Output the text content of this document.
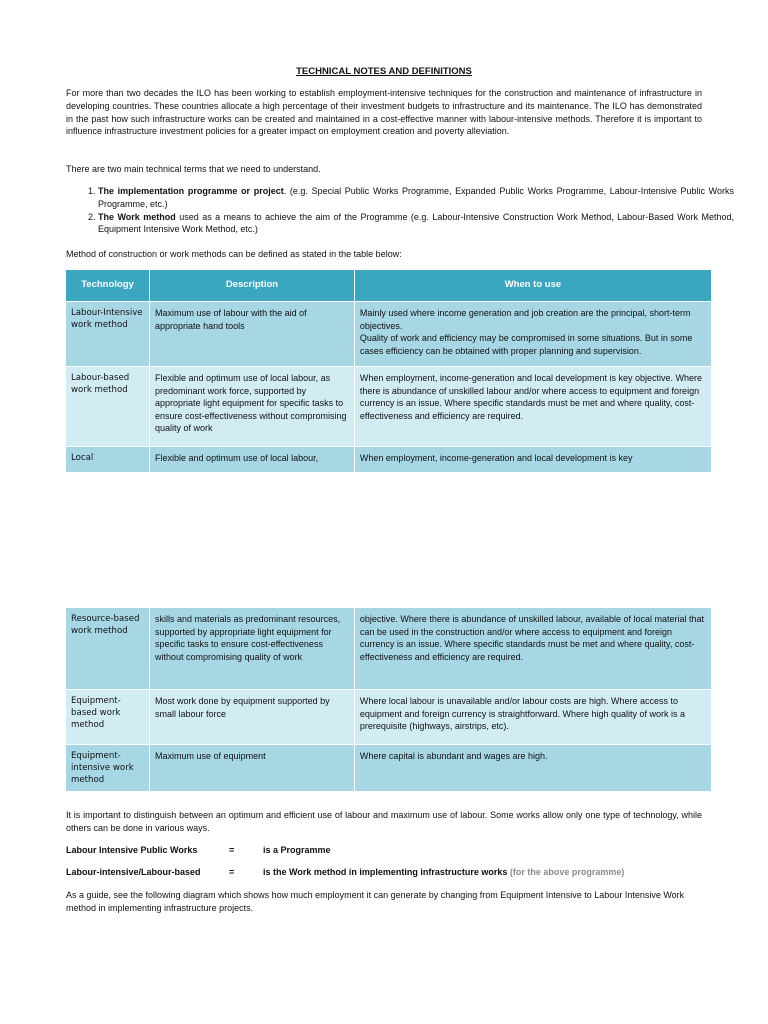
TECHNICAL NOTES AND DEFINITIONS

For more than two decades the ILO has been working to establish employment-intensive techniques for the construction and maintenance of infrastructure in developing countries. These countries allocate a high percentage of their investment budgets to infrastructure and its maintenance. The ILO has demonstrated in the past how such infrastructure works can be created and maintained in a cost-effective manner with labour-intensive methods. Therefore it is important to influence infrastructure investment policies for a greater impact on employment creation and poverty alleviation.

There are two main technical terms that we need to understand.

1. The implementation programme or project. (e.g. Special Public Works Programme, Expanded Public Works Programme, Labour-Intensive Public Works Programme, etc.)
2. The Work method used as a means to achieve the aim of the Programme (e.g. Labour-Intensive Construction Work Method, Labour-Based Work Method, Equipment Intensive Work Method, etc.)

Method of construction or work methods can be defined as stated in the table below:

Technology	Description	When to use
Labour-Intensive work method	Maximum use of labour with the aid of appropriate hand tools	Mainly used where income generation and job creation are the principal, short-term objectives.
Quality of work and efficiency may be compromised in some situations. But in some cases efficiency can be obtained with proper planning and supervision.
Labour-based work method	Flexible and optimum use of local labour, as predominant work force, supported by appropriate light equipment for specific tasks to ensure cost-effectiveness without compromising quality of work	When employment, income-generation and local development is key objective. Where there is abundance of unskilled labour and/or where access to equipment and foreign currency is an issue. Where specific standards must be met and where quality, cost-effectiveness and efficiency are required.
Local	Flexible and optimum use of local labour,	When employment, income-generation and local development is key
Resource-based work method	skills and materials as predominant resources, supported by appropriate light equipment for specific tasks to ensure cost-effectiveness without compromising quality of work	objective. Where there is abundance of unskilled labour, available of local material that can be used in the construction and/or where access to equipment and foreign currency is an issue. Where specific standards must be met and where quality, cost-effectiveness and efficiency are required.
Equipment-based work method	Most work done by equipment supported by small labour force	Where local labour is unavailable and/or labour costs are high. Where access to equipment and foreign currency is straightforward. Where high quality of work is a prerequisite (highways, airstrips, etc).
Equipment-intensive work method	Maximum use of equipment	Where capital is abundant and wages are high.

It is important to distinguish between an optimum and efficient use of labour and maximum use of labour. Some works allow only one type of technology, while others can be done in various ways.

Labour Intensive Public Works	=	is a Programme
Labour-intensive/Labour-based	=	is the Work method in implementing infrastructure works (for the above programme)

As a guide, see the following diagram which shows how much employment it can generate by changing from Equipment Intensive to Labour Intensive Work method in implementing infrastructure projects.
